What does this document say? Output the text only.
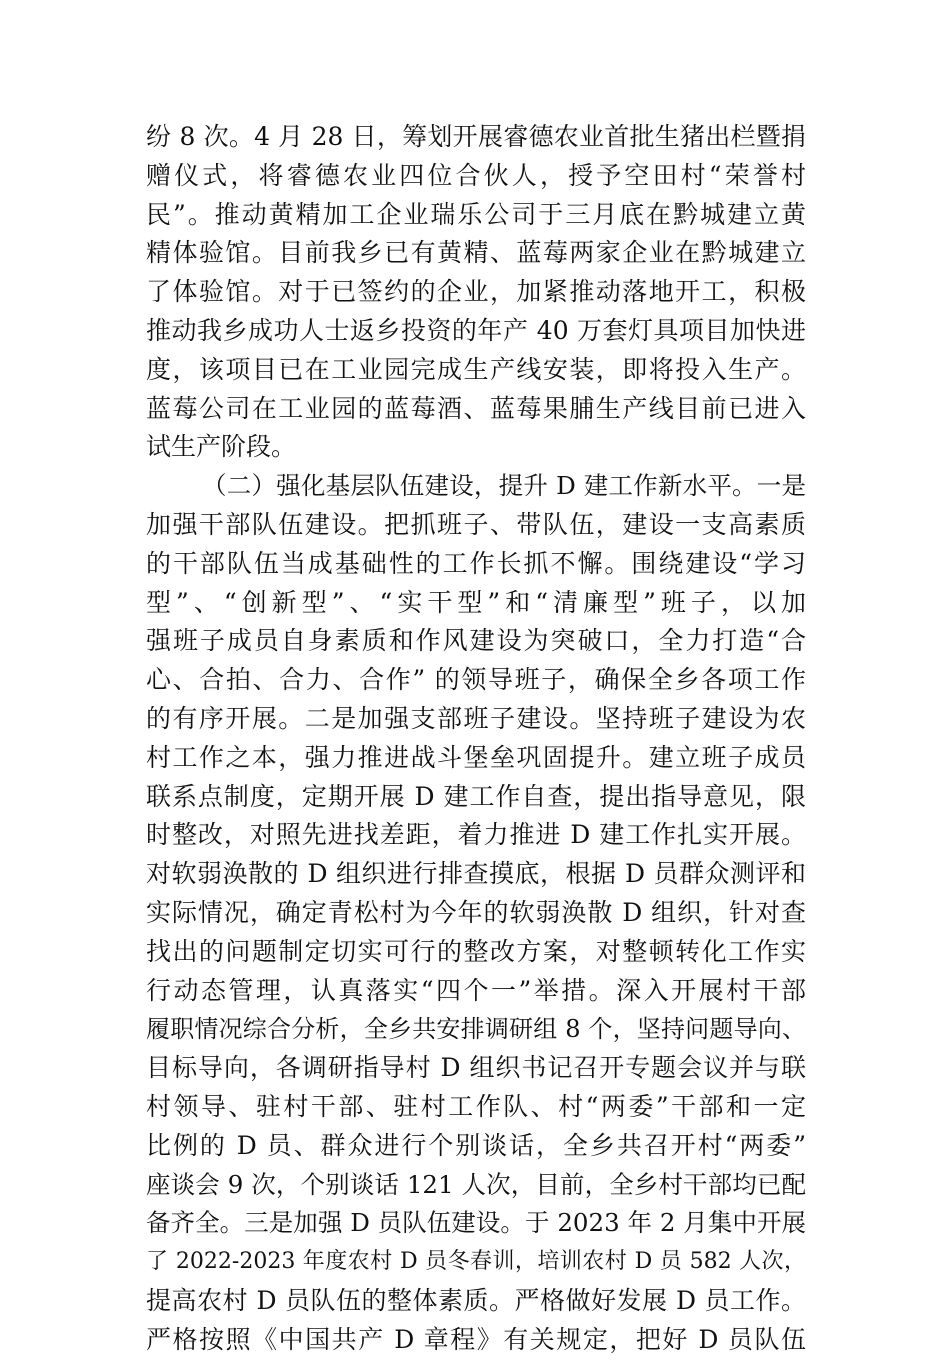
纷 8 次。4 月 28 日，筹划开展睿德农业首批生猪出栏暨捐
赠仪式，将睿德农业四位合伙人，授予空田村“荣誉村
民”。推动黄精加工企业瑞乐公司于三月底在黔城建立黄
精体验馆。目前我乡已有黄精、蓝莓两家企业在黔城建立
了体验馆。对于已签约的企业，加紧推动落地开工，积极
推动我乡成功人士返乡投资的年产 40 万套灯具项目加快进
度，该项目已在工业园完成生产线安装，即将投入生产。
蓝莓公司在工业园的蓝莓酒、蓝莓果脯生产线目前已进入
试生产阶段。
（二）强化基层队伍建设，提升 D 建工作新水平。一是
加强干部队伍建设。把抓班子、带队伍，建设一支高素质
的干部队伍当成基础性的工作长抓不懈。围绕建设“学习
型”、“创新型”、“实干型”和“清廉型”班子，以加
强班子成员自身素质和作风建设为突破口，全力打造“合
心、合拍、合力、合作” 的领导班子，确保全乡各项工作
的有序开展。二是加强支部班子建设。坚持班子建设为农
村工作之本，强力推进战斗堡垒巩固提升。建立班子成员
联系点制度，定期开展 D 建工作自查，提出指导意见，限
时整改，对照先进找差距，着力推进 D 建工作扎实开展。
对软弱涣散的 D 组织进行排查摸底，根据 D 员群众测评和
实际情况，确定青松村为今年的软弱涣散 D 组织，针对查
找出的问题制定切实可行的整改方案，对整顿转化工作实
行动态管理，认真落实“四个一”举措。深入开展村干部
履职情况综合分析，全乡共安排调研组 8 个，坚持问题导向、
目标导向，各调研指导村 D 组织书记召开专题会议并与联
村领导、驻村干部、驻村工作队、村“两委”干部和一定
比例的 D 员、群众进行个别谈话，全乡共召开村“两委”
座谈会 9 次，个别谈话 121 人次，目前，全乡村干部均已配
备齐全。三是加强 D 员队伍建设。于 2023 年 2 月集中开展
了 2022-2023 年度农村 D 员冬春训，培训农村 D 员 582 人次，
提高农村 D 员队伍的整体素质。严格做好发展 D 员工作。
严格按照《中国共产 D 章程》有关规定，把好 D 员队伍
